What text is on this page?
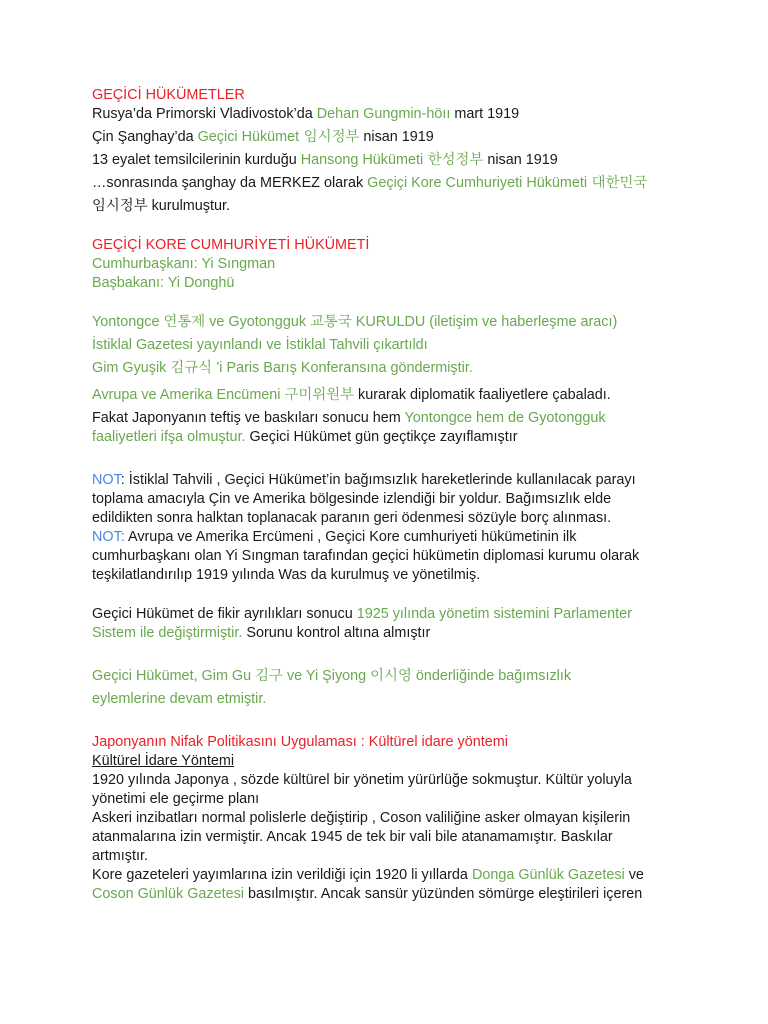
GEÇİCİ HÜKÜMETLER
Rusya’da Primorski Vladivostok’da Dehan Gungmin-höıı mart 1919
Çin Şanghay’da Geçici Hükümet 임시정부 nisan 1919
13 eyalet temsilcilerinin kurduğu Hansong Hükümeti 한성정부 nisan 1919
…sonrasında şanghay da MERKEZ olarak Geçiçi Kore Cumhuriyeti Hükümeti 대한민국
임시정부 kurulmuştur.
GEÇİÇİ KORE CUMHURİYETİ HÜKÜMETİ
Cumhurbaşkanı: Yi Sıngman
Başbakanı: Yi Donghü
Yontongce 연통제 ve Gyotongguk 교통국 KURULDU (iletişim ve haberleşme aracı)
İstiklal Gazetesi yayınlandı ve İstiklal Tahvili çıkartıldı
Gim Gyuşik 김규식 ’i Paris Barış Konferansına göndermiştir.
Avrupa ve Amerika Encümeni 구미위원부 kurarak diplomatik faaliyetlere çabaladı.
Fakat Japonyanın teftiş ve baskıları sonucu hem Yontongce hem de Gyotongguk
faaliyetleri ifşa olmuştur. Geçici Hükümet gün geçtikçe zayıflamıştır
NOT: İstiklal Tahvili , Geçici Hükümet’in bağımsızlık hareketlerinde kullanılacak parayı
toplama amacıyla Çin ve Amerika bölgesinde izlendiği bir yoldur. Bağımsızlık elde
edildikten sonra halktan toplanacak paranın geri ödenmesi sözüyle borç alınması.
NOT: Avrupa ve Amerika Ercümeni , Geçici Kore cumhuriyeti hükümetinin ilk
cumhurbaşkanı olan Yi Sıngman tarafından geçici hükümetin diplomasi kurumu olarak
teşkilatlandırılıp 1919 yılında Was da kurulmuş ve yönetilmiş.
Geçici Hükümet de fikir ayrılıkları sonucu 1925 yılında yönetim sistemini Parlamenter
Sistem ile değiştirmiştir. Sorunu kontrol altına almıştır
Geçici Hükümet, Gim Gu 김구 ve Yi Şiyong 이시영 önderliğinde bağımsızlık
eylemlerine devam etmiştir.
Japonyanın Nifak Politikasını Uygulaması : Kültürel idare yöntemi
Kültürel İdare Yöntemi
1920 yılında Japonya , sözde kültürel bir yönetim yürürlüğe sokmuştur. Kültür yoluyla
yönetimi ele geçirme planı
Askeri inzibatları normal polislerle değiştirip , Coson valiliğine asker olmayan kişilerin
atanmalarına izin vermiştir. Ancak 1945 de tek bir vali bile atanamamıştır. Baskılar
artmıştır.
Kore gazeteleri yayımlarına izin verildiği için 1920 li yıllarda Donga Günlük Gazetesi ve
Coson Günlük Gazetesi basılmıştır. Ancak sansür yüzünden sömürge eleştirileri içeren
